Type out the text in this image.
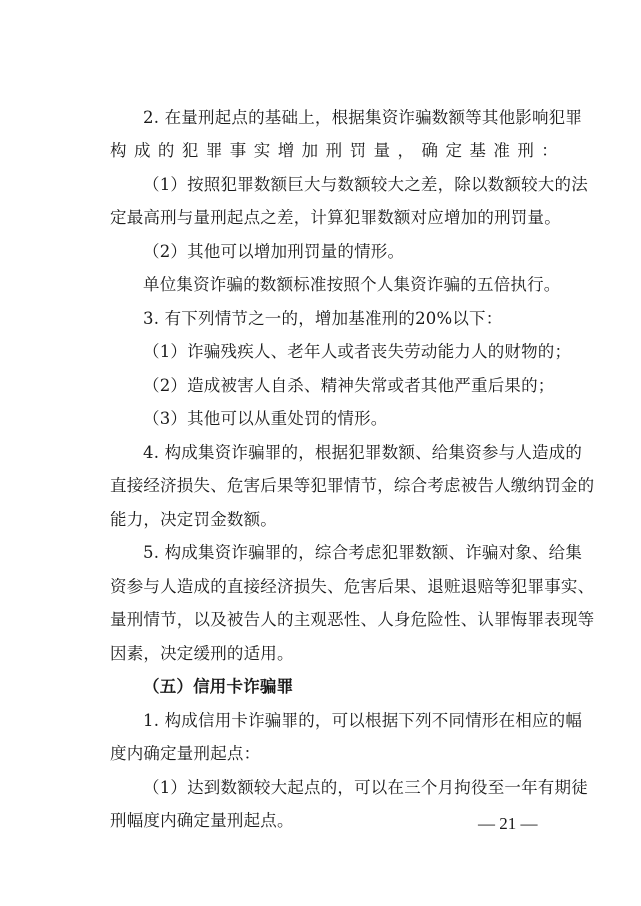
2. 在量刑起点的基础上，根据集资诈骗数额等其他影响犯罪
构成的犯罪事实增加刑罚量，确定基准刑：
（1）按照犯罪数额巨大与数额较大之差，除以数额较大的法
定最高刑与量刑起点之差，计算犯罪数额对应增加的刑罚量。
（2）其他可以增加刑罚量的情形。
单位集资诈骗的数额标准按照个人集资诈骗的五倍执行。
3. 有下列情节之一的，增加基准刑的20%以下：
（1）诈骗残疾人、老年人或者丧失劳动能力人的财物的；
（2）造成被害人自杀、精神失常或者其他严重后果的；
（3）其他可以从重处罚的情形。
4. 构成集资诈骗罪的，根据犯罪数额、给集资参与人造成的
直接经济损失、危害后果等犯罪情节，综合考虑被告人缴纳罚金的
能力，决定罚金数额。
5. 构成集资诈骗罪的，综合考虑犯罪数额、诈骗对象、给集
资参与人造成的直接经济损失、危害后果、退赃退赔等犯罪事实、
量刑情节，以及被告人的主观恶性、人身危险性、认罪悔罪表现等
因素，决定缓刑的适用。
（五）信用卡诈骗罪
1. 构成信用卡诈骗罪的，可以根据下列不同情形在相应的幅
度内确定量刑起点：
（1）达到数额较大起点的，可以在三个月拘役至一年有期徒
刑幅度内确定量刑起点。	— 21 —
